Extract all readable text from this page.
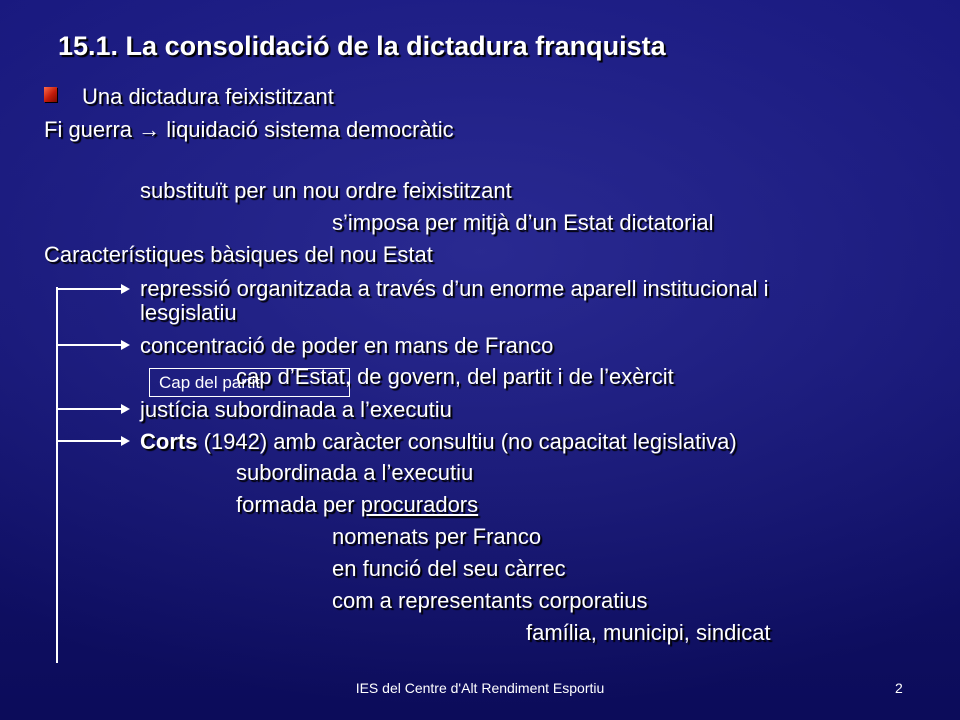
15.1. La consolidació de la dictadura franquista
Una dictadura feixistitzant
Fi guerra → liquidació sistema democràtic
substituït per un nou ordre feixistitzant
s’imposa per mitjà d’un Estat dictatorial
Característiques bàsiques del nou Estat
repressió organitzada a través d’un enorme aparell institucional i
lesgislatiu
concentració de poder en mans de Franco
cap d’Estat, de govern, del partit i de l’exèrcit
Cap del partit
justícia subordinada a l’executiu
Corts (1942) amb caràcter consultiu (no capacitat legislativa)
subordinada a l’executiu
formada per procuradors
nomenats per Franco
en funció del seu càrrec
com a representants corporatius
família, municipi, sindicat
IES del Centre d'Alt Rendiment Esportiu	2
